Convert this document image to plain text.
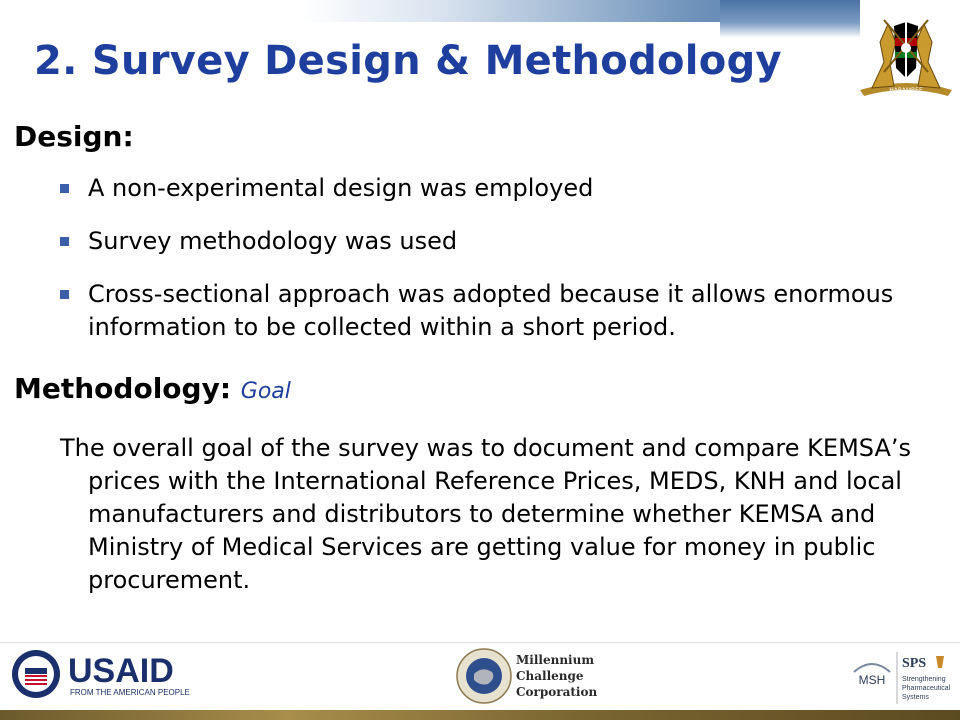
HARAMBEE
2. Survey Design & Methodology
Design:
A non-experimental design was employed
Survey methodology was used
Cross-sectional approach was adopted because it allows enormous information to be collected within a short period.
Methodology: Goal

The overall goal of the survey was to document and compare KEMSA’s prices with the International Reference Prices, MEDS, KNH and local manufacturers and distributors to determine whether KEMSA and Ministry of Medical Services are getting value for money in public procurement.

USAID
FROM THE AMERICAN PEOPLE
Millennium
Challenge
Corporation
MSH
SPS
Strengthening
Pharmaceutical
Systems
